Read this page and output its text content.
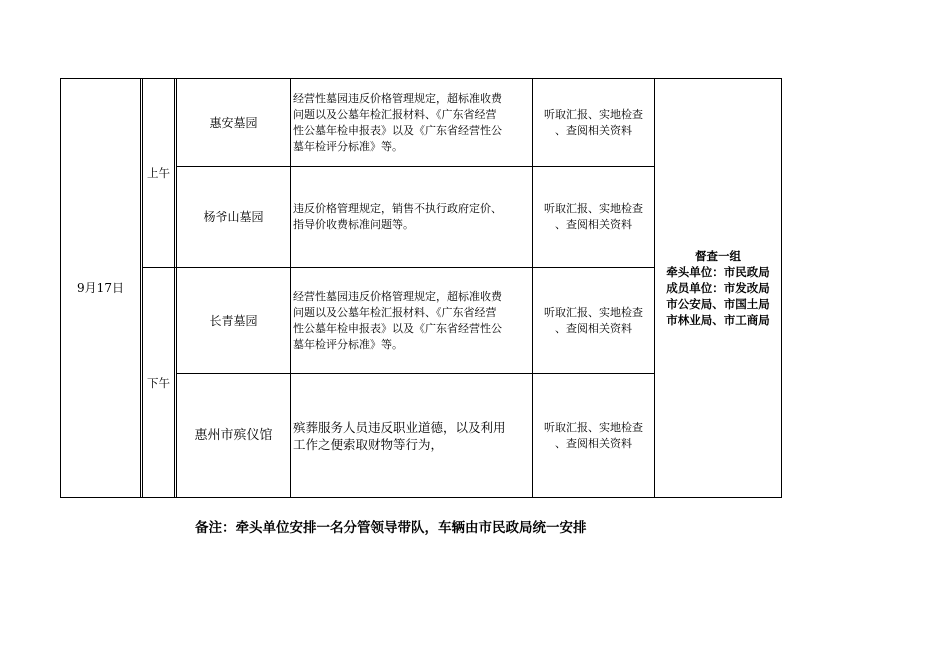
9月17日
上午
下午
惠安墓园
经营性墓园违反价格管理规定，超标准收费
问题以及公墓年检汇报材料、《广东省经营
性公墓年检申报表》以及《广东省经营性公
墓年检评分标准》等。
听取汇报、实地检查
、查阅相关资料
杨爷山墓园
违反价格管理规定，销售不执行政府定价、
指导价收费标准问题等。
听取汇报、实地检查
、查阅相关资料
长青墓园
经营性墓园违反价格管理规定，超标准收费
问题以及公墓年检汇报材料、《广东省经营
性公墓年检申报表》以及《广东省经营性公
墓年检评分标准》等。
听取汇报、实地检查
、查阅相关资料
惠州市殡仪馆
殡葬服务人员违反职业道德，以及利用
工作之便索取财物等行为，
听取汇报、实地检查
、查阅相关资料
督查一组
牵头单位：市民政局
成员单位：市发改局
市公安局、市国土局
市林业局、市工商局
备注：牵头单位安排一名分管领导带队，车辆由市民政局统一安排
